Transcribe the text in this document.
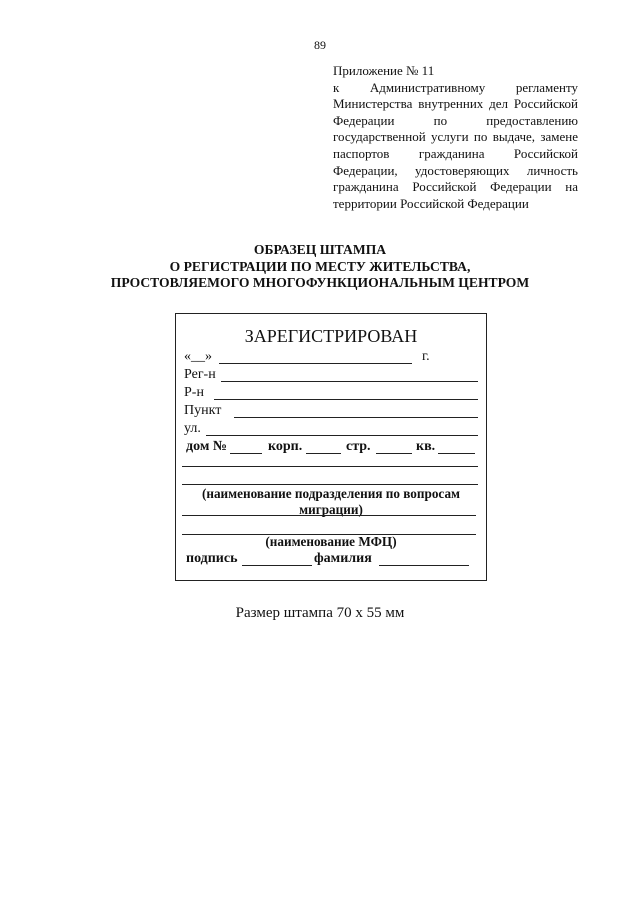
89
Приложение № 11
к Административному регламенту
Министерства внутренних дел Российской
Федерации по предоставлению
государственной услуги по выдаче, замене
паспортов гражданина Российской
Федерации, удостоверяющих личность
гражданина Российской Федерации на
территории Российской Федерации
ОБРАЗЕЦ ШТАМПА
О РЕГИСТРАЦИИ ПО МЕСТУ ЖИТЕЛЬСТВА,
ПРОСТОВЛЯЕМОГО МНОГОФУНКЦИОНАЛЬНЫМ ЦЕНТРОМ
ЗАРЕГИСТРИРОВАН
«__»	г.
Рег-н
Р-н
Пункт
ул.
дом №	корп.	стр.	кв.
(наименование подразделения по вопросам миграции)
(наименование МФЦ)
подпись	фамилия
Размер штампа 70 х 55 мм
